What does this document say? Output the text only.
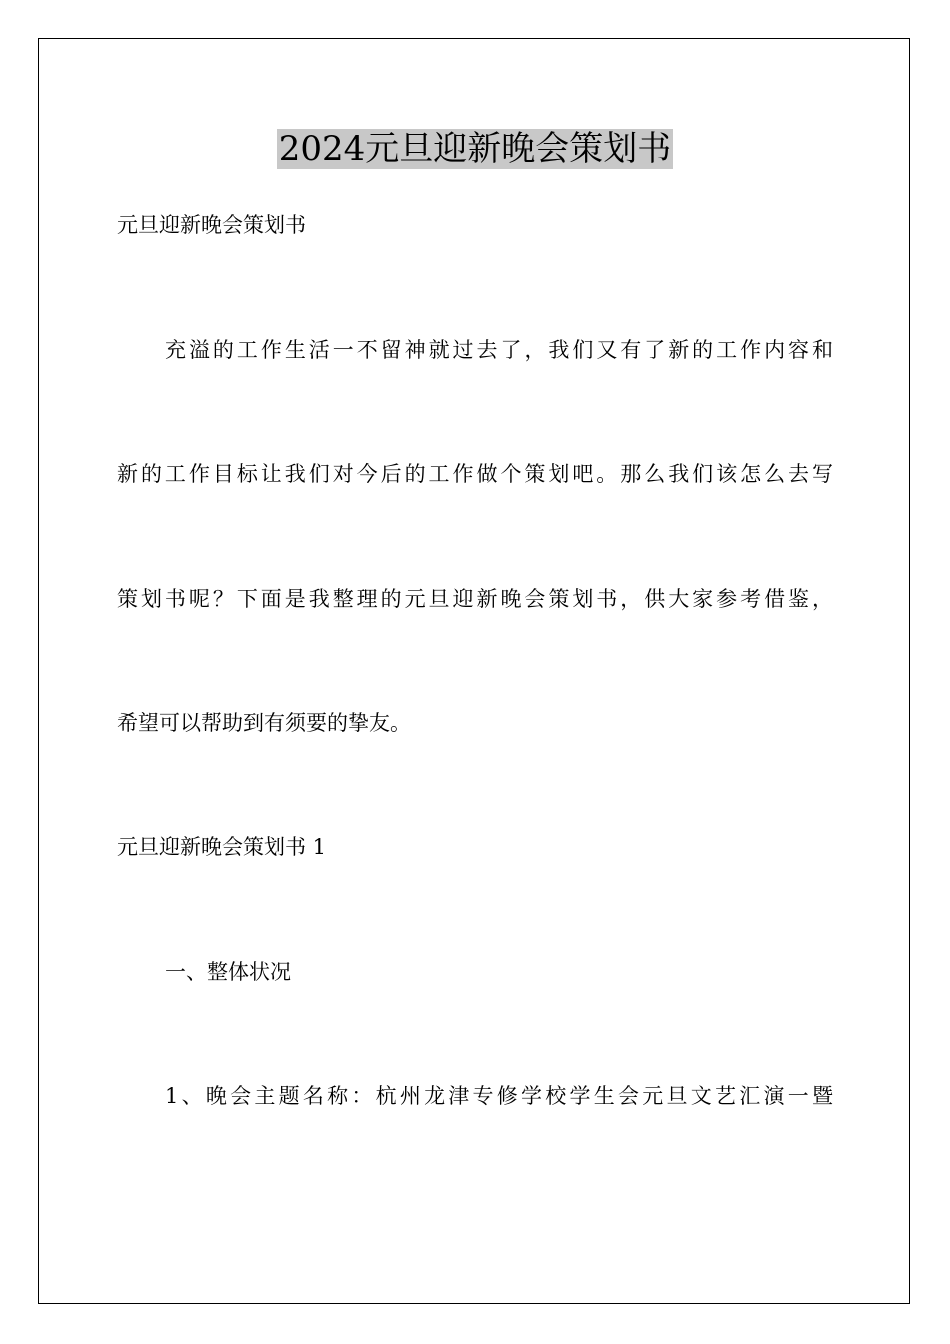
2024元旦迎新晚会策划书

元旦迎新晚会策划书

充溢的工作生活一不留神就过去了，我们又有了新的工作内容和

新的工作目标让我们对今后的工作做个策划吧。那么我们该怎么去写

策划书呢？下面是我整理的元旦迎新晚会策划书，供大家参考借鉴，

希望可以帮助到有须要的挚友。

元旦迎新晚会策划书 1

一、整体状况

1、晚会主题名称：杭州龙津专修学校学生会元旦文艺汇演一暨
